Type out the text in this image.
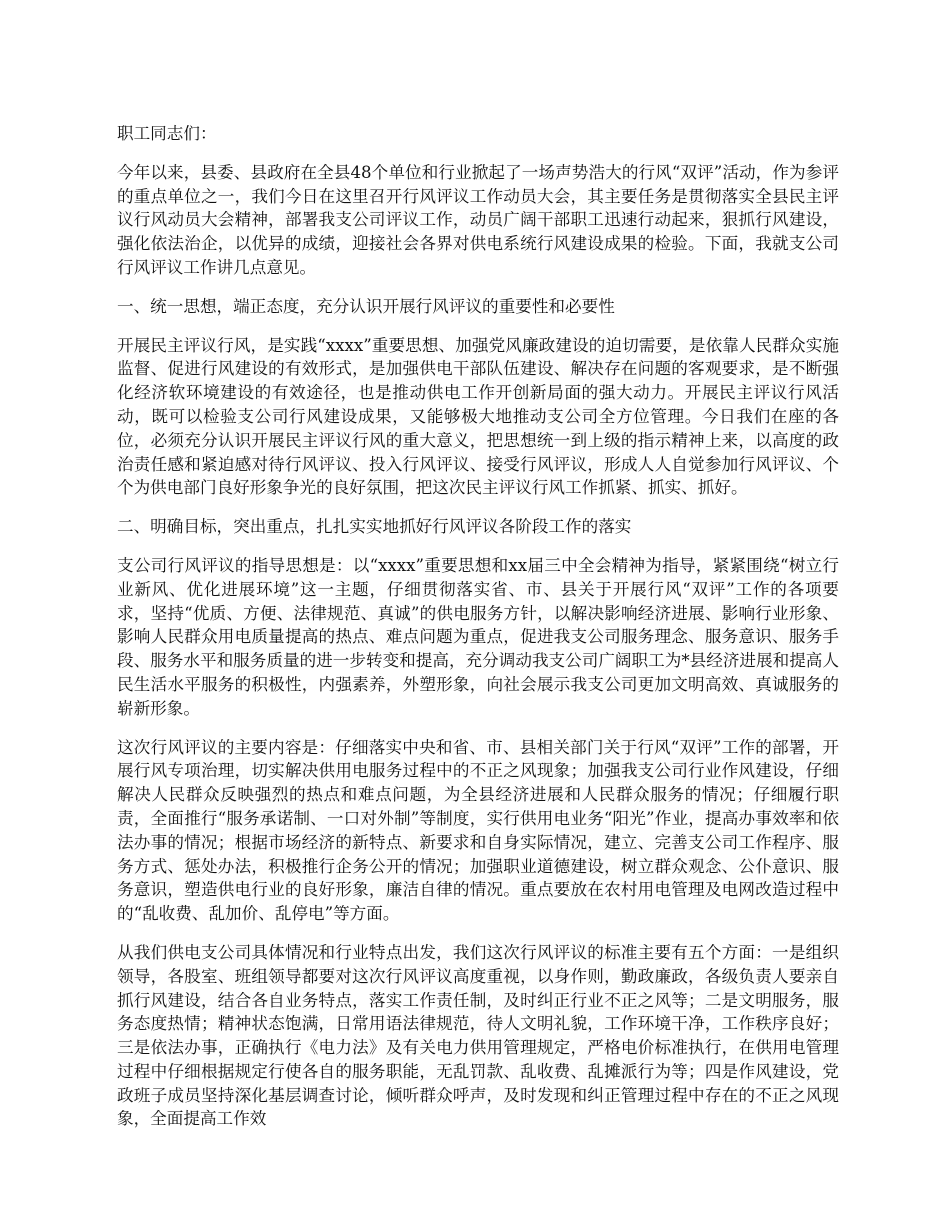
职工同志们：

今年以来，县委、县政府在全县48个单位和行业掀起了一场声势浩大的行风“双评”活动，作为参评的重点单位之一，我们今日在这里召开行风评议工作动员大会，其主要任务是贯彻落实全县民主评议行风动员大会精神，部署我支公司评议工作，动员广阔干部职工迅速行动起来，狠抓行风建设，强化依法治企，以优异的成绩，迎接社会各界对供电系统行风建设成果的检验。下面，我就支公司行风评议工作讲几点意见。

一、统一思想，端正态度，充分认识开展行风评议的重要性和必要性

开展民主评议行风，是实践“xxxx”重要思想、加强党风廉政建设的迫切需要，是依靠人民群众实施监督、促进行风建设的有效形式，是加强供电干部队伍建设、解决存在问题的客观要求，是不断强化经济软环境建设的有效途径，也是推动供电工作开创新局面的强大动力。开展民主评议行风活动，既可以检验支公司行风建设成果，又能够极大地推动支公司全方位管理。今日我们在座的各位，必须充分认识开展民主评议行风的重大意义，把思想统一到上级的指示精神上来，以高度的政治责任感和紧迫感对待行风评议、投入行风评议、接受行风评议，形成人人自觉参加行风评议、个个为供电部门良好形象争光的良好氛围，把这次民主评议行风工作抓紧、抓实、抓好。

二、明确目标，突出重点，扎扎实实地抓好行风评议各阶段工作的落实

支公司行风评议的指导思想是：以“xxxx”重要思想和xx届三中全会精神为指导，紧紧围绕“树立行业新风、优化进展环境”这一主题，仔细贯彻落实省、市、县关于开展行风“双评”工作的各项要求，坚持“优质、方便、法律规范、真诚”的供电服务方针，以解决影响经济进展、影响行业形象、影响人民群众用电质量提高的热点、难点问题为重点，促进我支公司服务理念、服务意识、服务手段、服务水平和服务质量的进一步转变和提高，充分调动我支公司广阔职工为*县经济进展和提高人民生活水平服务的积极性，内强素养，外塑形象，向社会展示我支公司更加文明高效、真诚服务的崭新形象。

这次行风评议的主要内容是：仔细落实中央和省、市、县相关部门关于行风“双评”工作的部署，开展行风专项治理，切实解决供用电服务过程中的不正之风现象；加强我支公司行业作风建设，仔细解决人民群众反映强烈的热点和难点问题，为全县经济进展和人民群众服务的情况；仔细履行职责，全面推行“服务承诺制、一口对外制”等制度，实行供用电业务“阳光”作业，提高办事效率和依法办事的情况；根据市场经济的新特点、新要求和自身实际情况，建立、完善支公司工作程序、服务方式、惩处办法，积极推行企务公开的情况；加强职业道德建设，树立群众观念、公仆意识、服务意识，塑造供电行业的良好形象，廉洁自律的情况。重点要放在农村用电管理及电网改造过程中的“乱收费、乱加价、乱停电”等方面。

从我们供电支公司具体情况和行业特点出发，我们这次行风评议的标准主要有五个方面：一是组织领导，各股室、班组领导都要对这次行风评议高度重视，以身作则，勤政廉政，各级负责人要亲自抓行风建设，结合各自业务特点，落实工作责任制，及时纠正行业不正之风等；二是文明服务，服务态度热情；精神状态饱满，日常用语法律规范，待人文明礼貌，工作环境干净，工作秩序良好；三是依法办事，正确执行《电力法》及有关电力供用管理规定，严格电价标准执行，在供用电管理过程中仔细根据规定行使各自的服务职能，无乱罚款、乱收费、乱摊派行为等；四是作风建设，党政班子成员坚持深化基层调查讨论，倾听群众呼声，及时发现和纠正管理过程中存在的不正之风现象，全面提高工作效
